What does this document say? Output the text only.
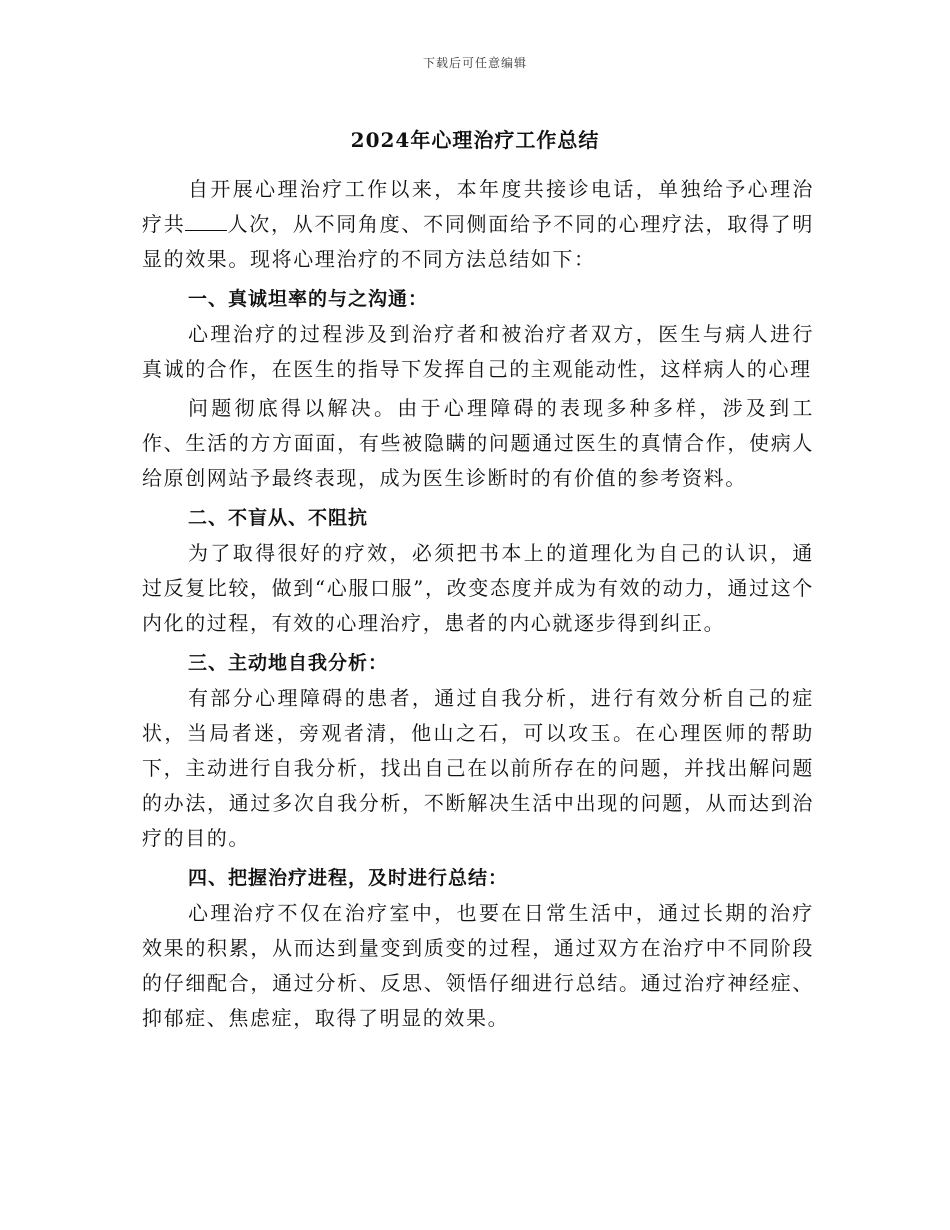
下载后可任意编辑
2024年心理治疗工作总结

自开展心理治疗工作以来，本年度共接诊电话，单独给予心理治疗共 人次，从不同角度、不同侧面给予不同的心理疗法，取得了明显的效果。现将心理治疗的不同方法总结如下：

一、真诚坦率的与之沟通：

心理治疗的过程涉及到治疗者和被治疗者双方，医生与病人进行真诚的合作，在医生的指导下发挥自己的主观能动性，这样病人的心理

问题彻底得以解决。由于心理障碍的表现多种多样，涉及到工作、生活的方方面面，有些被隐瞒的问题通过医生的真情合作，使病人给原创网站予最终表现，成为医生诊断时的有价值的参考资料。

二、不盲从、不阻抗

为了取得很好的疗效，必须把书本上的道理化为自己的认识，通过反复比较，做到“心服口服”，改变态度并成为有效的动力，通过这个内化的过程，有效的心理治疗，患者的内心就逐步得到纠正。

三、主动地自我分析：

有部分心理障碍的患者，通过自我分析，进行有效分析自己的症状，当局者迷，旁观者清，他山之石，可以攻玉。在心理医师的帮助下，主动进行自我分析，找出自己在以前所存在的问题，并找出解问题的办法，通过多次自我分析，不断解决生活中出现的问题，从而达到治疗的目的。

四、把握治疗进程，及时进行总结：

心理治疗不仅在治疗室中，也要在日常生活中，通过长期的治疗效果的积累，从而达到量变到质变的过程，通过双方在治疗中不同阶段的仔细配合，通过分析、反思、领悟仔细进行总结。通过治疗神经症、抑郁症、焦虑症，取得了明显的效果。
